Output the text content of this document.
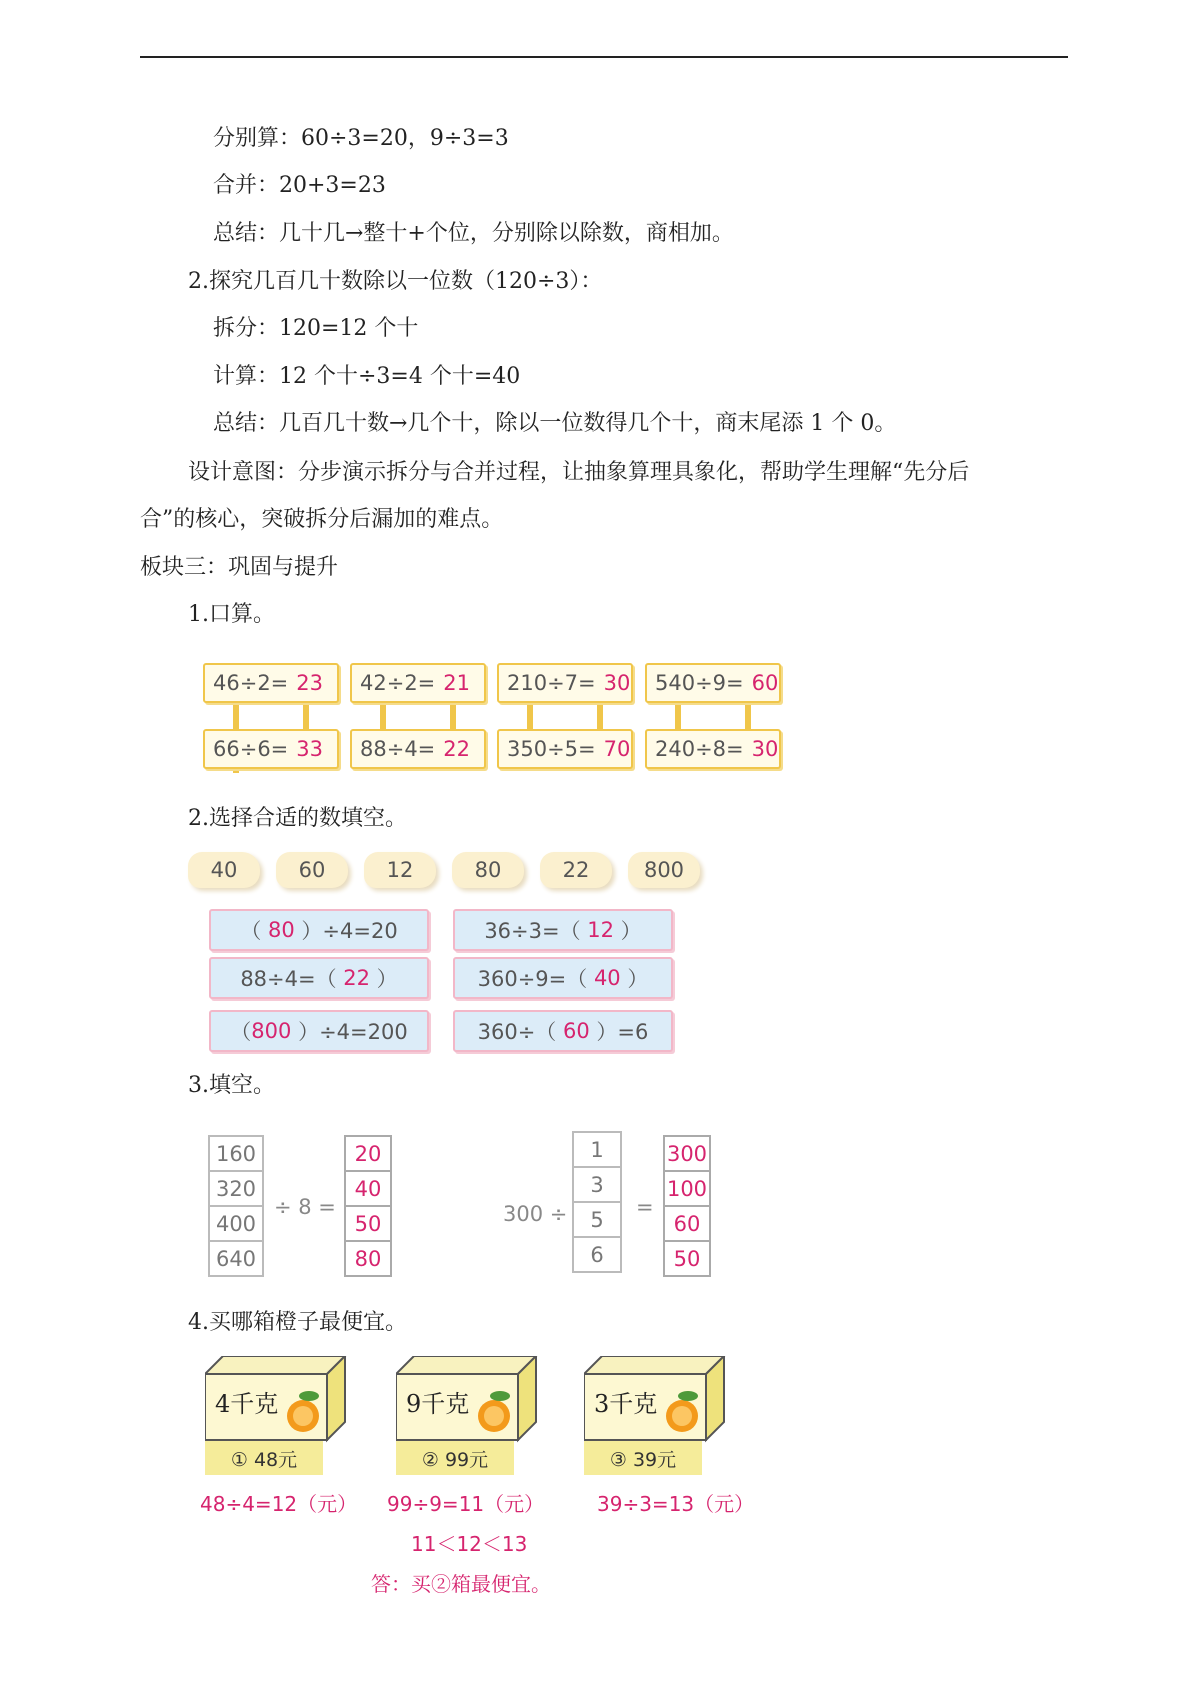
分别算：60÷3=20，9÷3=3
合并：20+3=23
总结：几十几→整十+个位，分别除以除数，商相加。
2.探究几百几十数除以一位数（120÷3）：
拆分：120=12 个十
计算：12 个十÷3=4 个十=40
总结：几百几十数→几个十，除以一位数得几个十，商末尾添 1 个 0。
设计意图：分步演示拆分与合并过程，让抽象算理具象化，帮助学生理解“先分后
合”的核心，突破拆分后漏加的难点。
板块三：巩固与提升
1.口算。
46÷2= 23
66÷6= 33
42÷2= 21
88÷4= 22
210÷7= 30
350÷5= 70
540÷9= 60
240÷8= 30
2.选择合适的数填空。
40	60	12	80	22	800
（ 80 ）÷4=20	36÷3=（ 12 ）
88÷4=（ 22 ）	360÷9=（ 40 ）
（ 800 ）÷4=200	360÷（ 60 ）=6
3.填空。
160
320
400
640
÷ 8 =
20
40
50
80
300 ÷
1
3
5
6
=
300
100
60
50
4.买哪箱橙子最便宜。
4千克	9千克	3千克
① 48元	② 99元	③ 39元
48÷4=12（元） 99÷9=11（元）	39÷3=13（元）
11＜12＜13
答：买②箱最便宜。
